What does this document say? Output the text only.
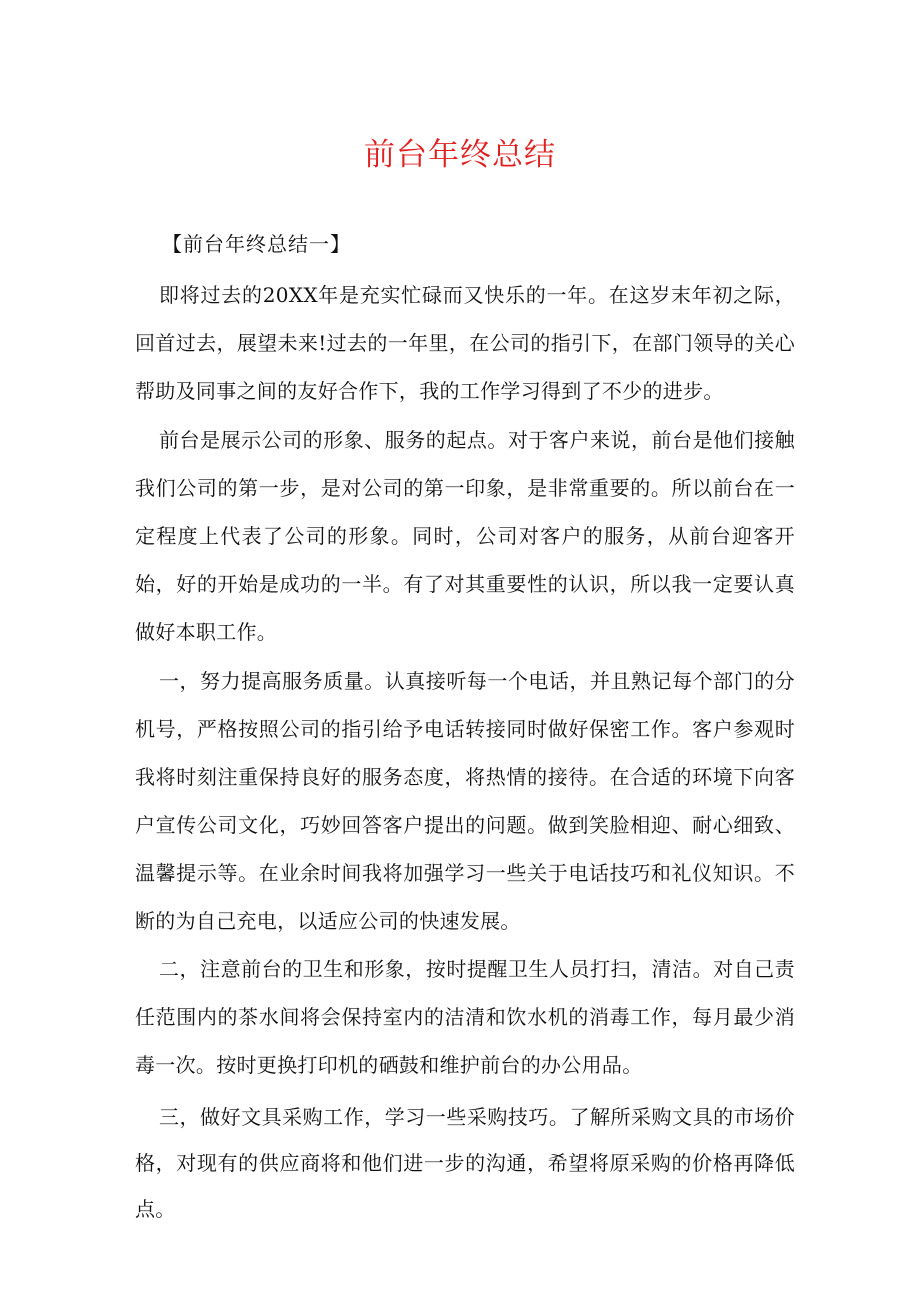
前台年终总结
【前台年终总结一】

即将过去的20XX年是充实忙碌而又快乐的一年。在这岁末年初之际，回首过去，展望未来!过去的一年里，在公司的指引下，在部门领导的关心帮助及同事之间的友好合作下，我的工作学习得到了不少的进步。

前台是展示公司的形象、服务的起点。对于客户来说，前台是他们接触我们公司的第一步，是对公司的第一印象，是非常重要的。所以前台在一定程度上代表了公司的形象。同时，公司对客户的服务，从前台迎客开始，好的开始是成功的一半。有了对其重要性的认识，所以我一定要认真做好本职工作。

一，努力提高服务质量。认真接听每一个电话，并且熟记每个部门的分机号，严格按照公司的指引给予电话转接同时做好保密工作。客户参观时我将时刻注重保持良好的服务态度，将热情的接待。在合适的环境下向客户宣传公司文化，巧妙回答客户提出的问题。做到笑脸相迎、耐心细致、温馨提示等。在业余时间我将加强学习一些关于电话技巧和礼仪知识。不断的为自己充电，以适应公司的快速发展。

二，注意前台的卫生和形象，按时提醒卫生人员打扫，清洁。对自己责任范围内的茶水间将会保持室内的洁清和饮水机的消毒工作，每月最少消毒一次。按时更换打印机的硒鼓和维护前台的办公用品。

三，做好文具采购工作，学习一些采购技巧。了解所采购文具的市场价格，对现有的供应商将和他们进一步的沟通，希望将原采购的价格再降低点。
